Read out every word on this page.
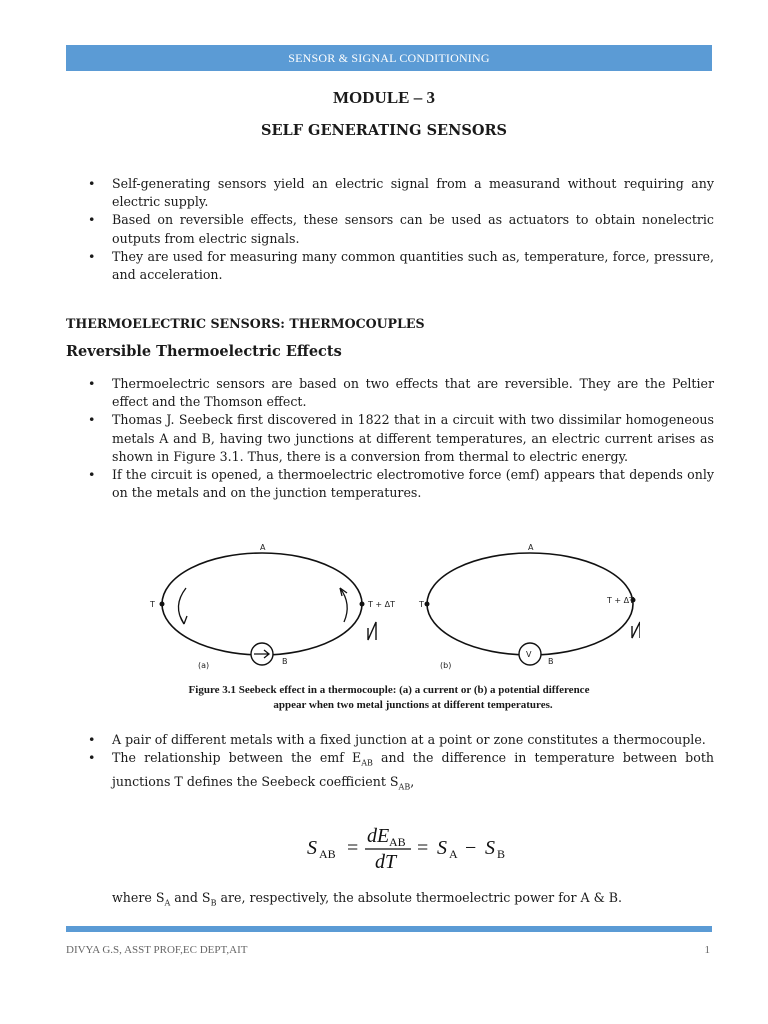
SENSOR & SIGNAL CONDITIONING
MODULE – 3
SELF GENERATING SENSORS
• Self-generating sensors yield an electric signal from a measurand without requiring any electric supply.
• Based on reversible effects, these sensors can be used as actuators to obtain nonelectric outputs from electric signals.
• They are used for measuring many common quantities such as, temperature, force, pressure, and acceleration.
THERMOELECTRIC SENSORS: THERMOCOUPLES
Reversible Thermoelectric Effects
• Thermoelectric sensors are based on two effects that are reversible. They are the Peltier effect and the Thomson effect.
• Thomas J. Seebeck first discovered in 1822 that in a circuit with two dissimilar homogeneous metals A and B, having two junctions at different temperatures, an electric current arises as shown in Figure 3.1. Thus, there is a conversion from thermal to electric energy.
• If the circuit is opened, a thermoelectric electromotive force (emf) appears that depends only on the metals and on the junction temperatures.
A
T	T + ΔT
B
(a)
A
T	T + ΔT
V
B
(b)
Figure 3.1 Seebeck effect in a thermocouple: (a) a current or (b) a potential difference
appear when two metal junctions at different temperatures.
• A pair of different metals with a fixed junction at a point or zone constitutes a thermocouple.
• The relationship between the emf $E_{AB}$ and the difference in temperature between both junctions T defines the Seebeck coefficient $S_{AB}$,
S AB =
dE AB
dT
= S A − S B
where $S_A$ and $S_B$ are, respectively, the absolute thermoelectric power for A & B.
DIVYA G.S, ASST PROF,EC DEPT,AIT	1
